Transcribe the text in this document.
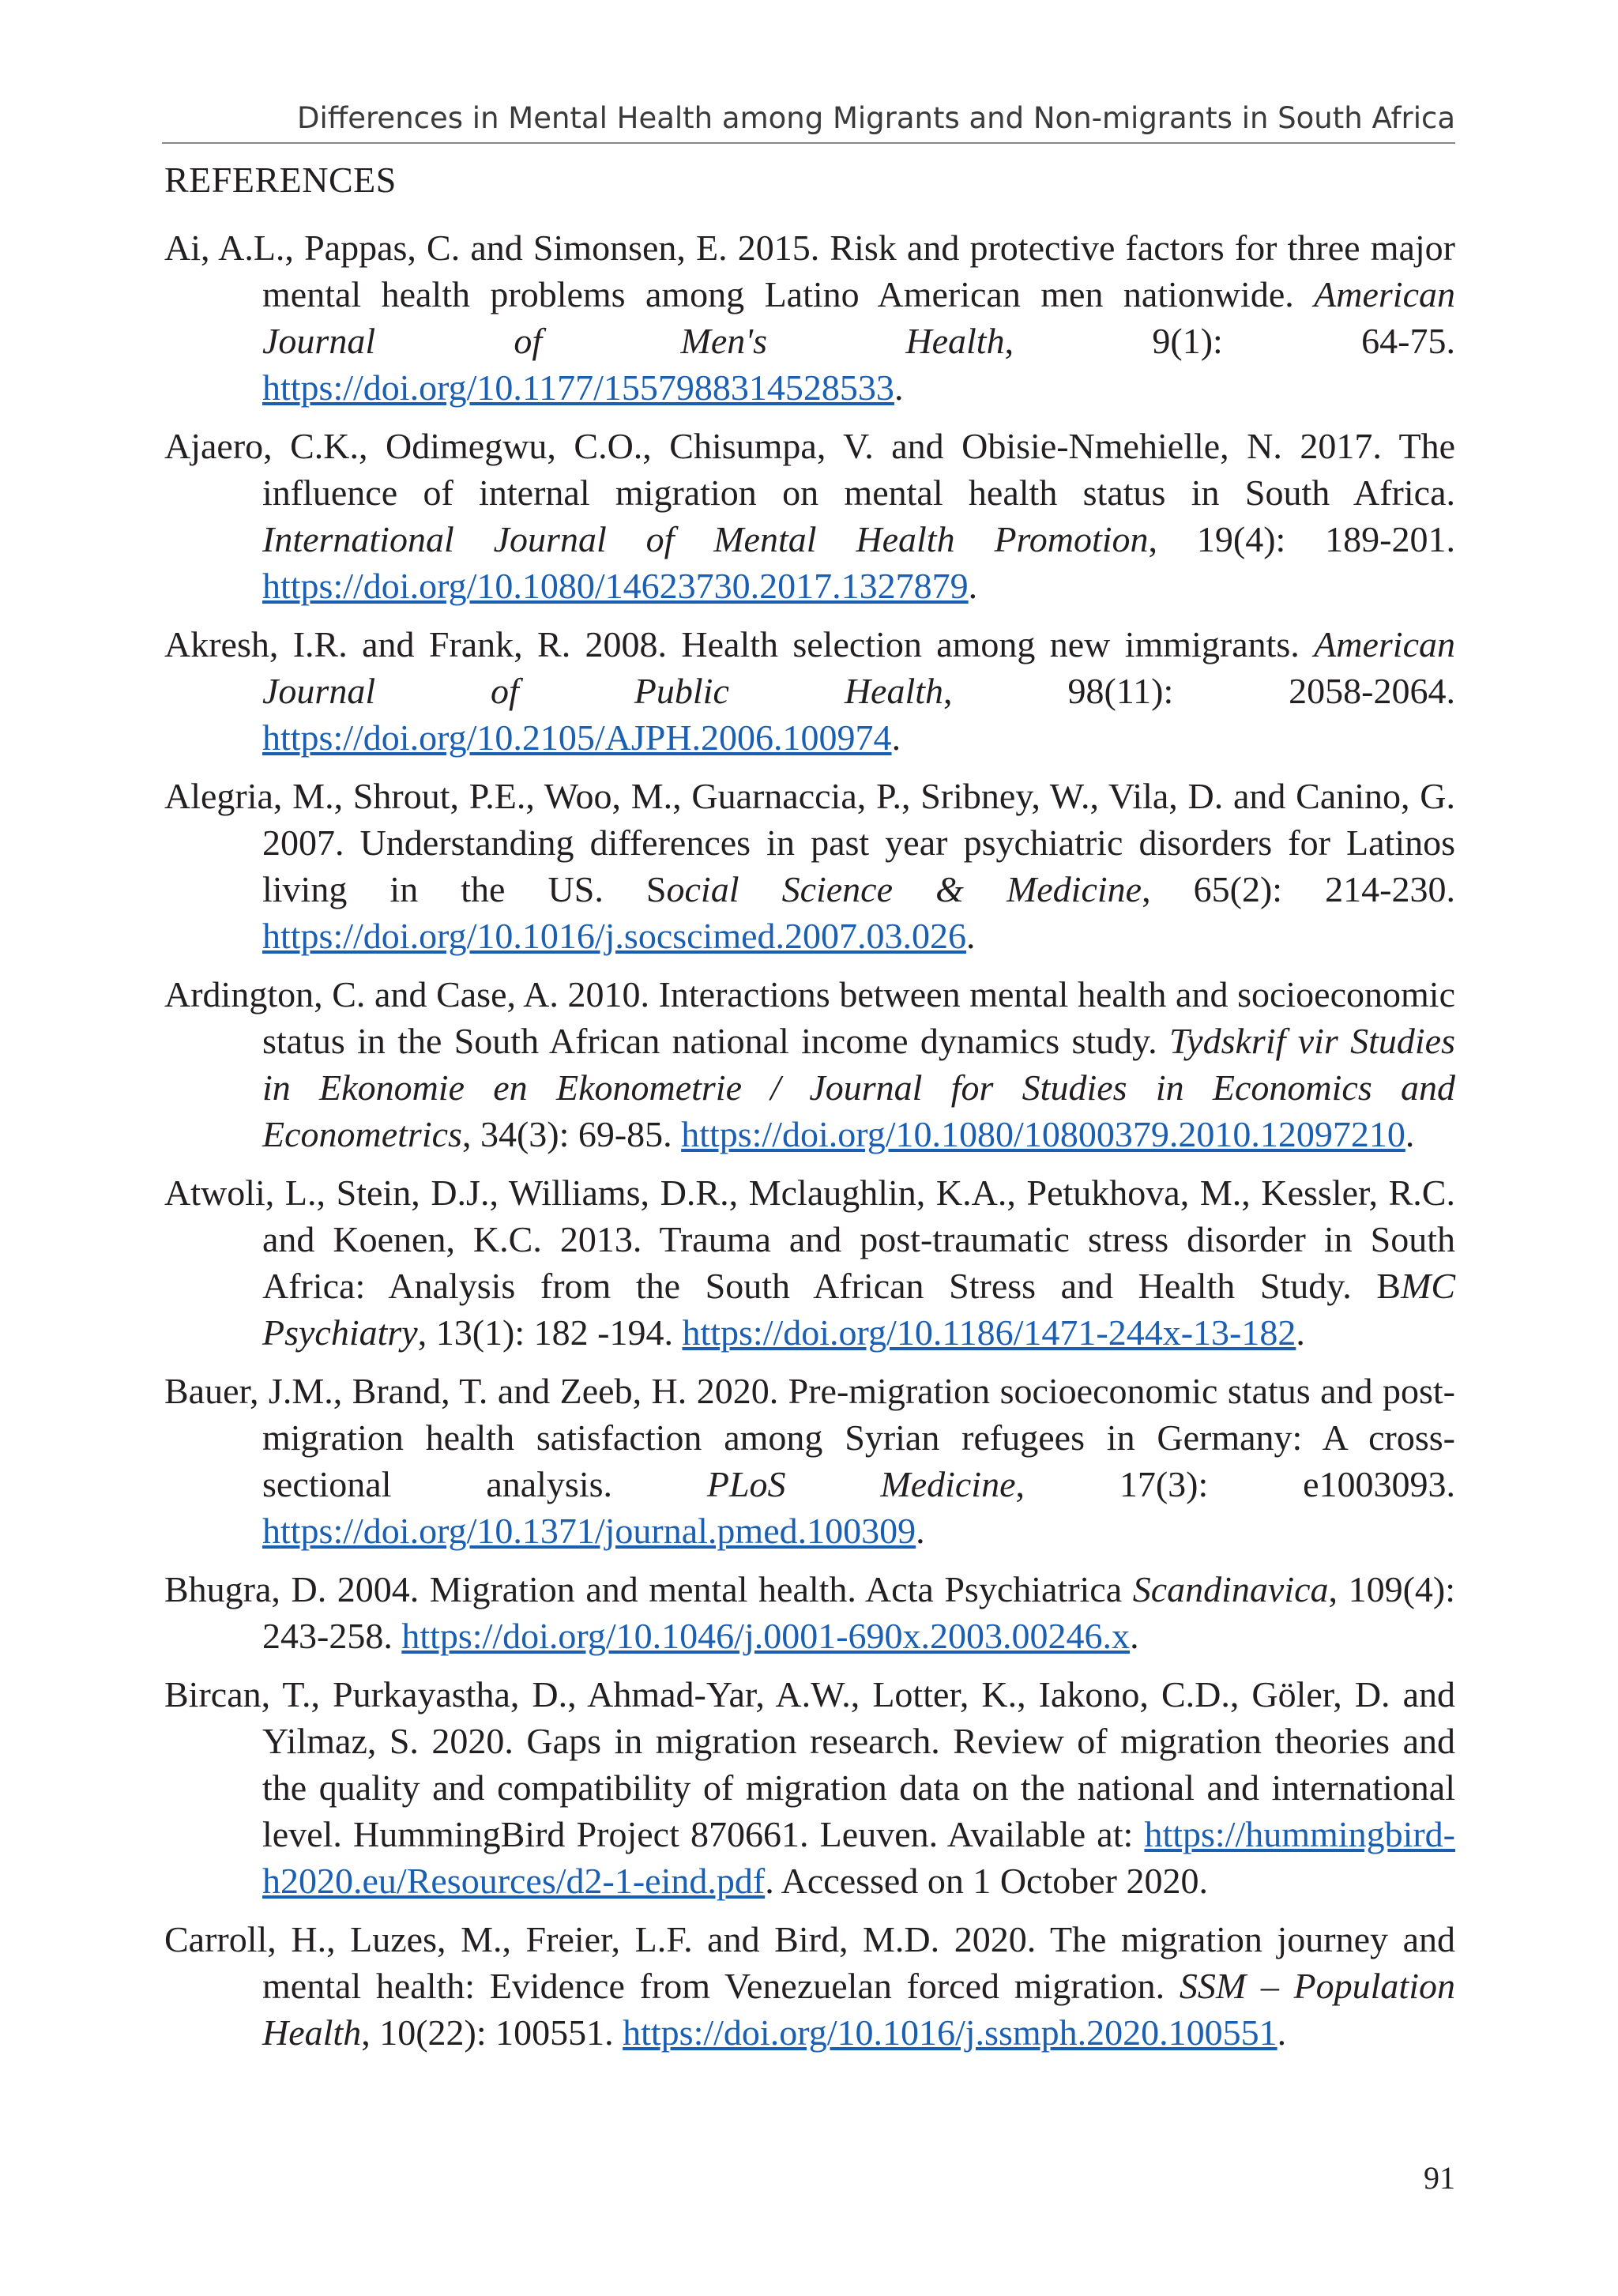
Differences in Mental Health among Migrants and Non-migrants in South Africa
REFERENCES

Ai, A.L., Pappas, C. and Simonsen, E. 2015. Risk and protective factors for three major mental health problems among Latino American men nationwide. American Journal of Men's Health, 9(1): 64-75. https://doi.org/10.1177/1557988314528533.

Ajaero, C.K., Odimegwu, C.O., Chisumpa, V. and Obisie-Nmehielle, N. 2017. The influence of internal migration on mental health status in South Africa. International Journal of Mental Health Promotion, 19(4): 189-201. https://doi.org/10.1080/14623730.2017.1327879.

Akresh, I.R. and Frank, R. 2008. Health selection among new immigrants. American Journal of Public Health, 98(11): 2058-2064. https://doi.org/10.2105/AJPH.2006.100974.

Alegria, M., Shrout, P.E., Woo, M., Guarnaccia, P., Sribney, W., Vila, D. and Canino, G. 2007. Understanding differences in past year psychiatric disorders for Latinos living in the US. Social Science & Medicine, 65(2): 214-230. https://doi.org/10.1016/j.socscimed.2007.03.026.

Ardington, C. and Case, A. 2010. Interactions between mental health and socioeconomic status in the South African national income dynamics study. Tydskrif vir Studies in Ekonomie en Ekonometrie / Journal for Studies in Economics and Econometrics, 34(3): 69-85. https://doi.org/10.1080/10800379.2010.12097210.

Atwoli, L., Stein, D.J., Williams, D.R., Mclaughlin, K.A., Petukhova, M., Kessler, R.C. and Koenen, K.C. 2013. Trauma and post-traumatic stress disorder in South Africa: Analysis from the South African Stress and Health Study. BMC Psychiatry, 13(1): 182 -194. https://doi.org/10.1186/1471-244x-13-182.

Bauer, J.M., Brand, T. and Zeeb, H. 2020. Pre-migration socioeconomic status and post-migration health satisfaction among Syrian refugees in Germany: A cross-sectional analysis. PLoS Medicine, 17(3): e1003093. https://doi.org/10.1371/journal.pmed.100309.

Bhugra, D. 2004. Migration and mental health. Acta Psychiatrica Scandinavica, 109(4): 243-258. https://doi.org/10.1046/j.0001-690x.2003.00246.x.

Bircan, T., Purkayastha, D., Ahmad-Yar, A.W., Lotter, K., Iakono, C.D., Göler, D. and Yilmaz, S. 2020. Gaps in migration research. Review of migration theories and the quality and compatibility of migration data on the national and international level. HummingBird Project 870661. Leuven. Available at: https://hummingbird-h2020.eu/Resources/d2-1-eind.pdf. Accessed on 1 October 2020.

Carroll, H., Luzes, M., Freier, L.F. and Bird, M.D. 2020. The migration journey and mental health: Evidence from Venezuelan forced migration. SSM – Population Health, 10(22): 100551. https://doi.org/10.1016/j.ssmph.2020.100551.

91
